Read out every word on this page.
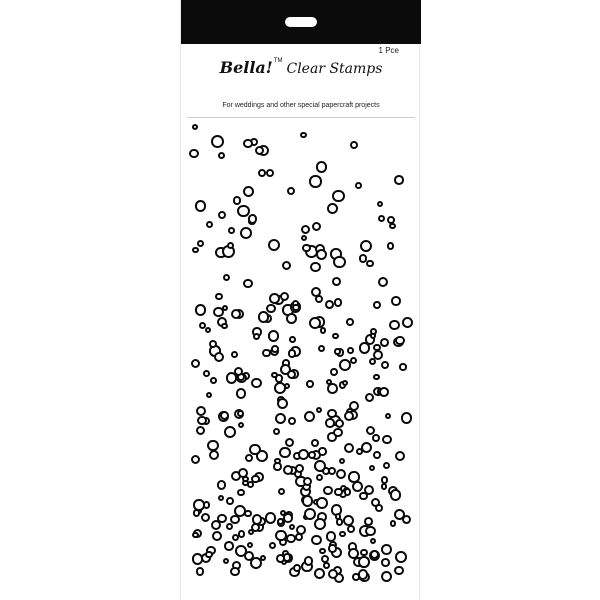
1 Pce
Bella!™ Clear Stamps
For weddings and other special papercraft projects
